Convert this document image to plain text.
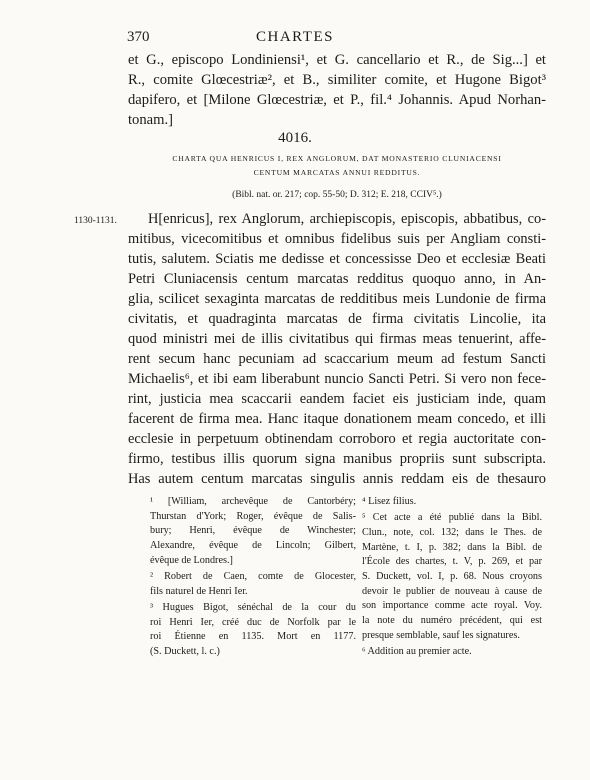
370	CHARTES
et G., episcopo Londiniensi¹, et G. cancellario et R., de Sig...] et
R., comite Glœcestriæ², et B., similiter comite, et Hugone Bigot³
dapifero, et [Milone Glœcestriæ, et P., fil.⁴ Johannis. Apud Norhan-
tonam.]
4016.
CHARTA QUA HENRICUS I, REX ANGLORUM, DAT MONASTERIO CLUNIACENSI
CENTUM MARCATAS ANNUI REDDITUS.
(Bibl. nat. or. 217; cop. 55-50; D. 312; E. 218, CCIV⁵.)
1130-1131.	H[enricus], rex Anglorum, archiepiscopis, episcopis, abbatibus, co-
mitibus, vicecomitibus et omnibus fidelibus suis per Angliam consti-
tutis, salutem. Sciatis me dedisse et concessisse Deo et ecclesiæ Beati
Petri Cluniacensis centum marcatas redditus quoquo anno, in An-
glia, scilicet sexaginta marcatas de redditibus meis Lundonie de firma
civitatis, et quadraginta marcatas de firma civitatis Lincolie, ita
quod ministri mei de illis civitatibus qui firmas meas tenuerint, affe-
rent secum hanc pecuniam ad scaccarium meum ad festum Sancti
Michaelis⁶, et ibi eam liberabunt nuncio Sancti Petri. Si vero non fece-
rint, justicia mea scaccarii eandem faciet eis justiciam inde, quam
facerent de firma mea. Hanc itaque donationem meam concedo, et illi
ecclesie in perpetuum obtinendam corroboro et regia auctoritate con-
firmo, testibus illis quorum signa manibus propriis sunt subscripta.
Has autem centum marcatas singulis annis reddam eis de thesauro
¹ [William, archevêque de Cantorbéry;
Thurstan d'York; Roger, évêque de Salis-
bury; Henri, évêque de Winchester;
Alexandre, évêque de Lincoln; Gilbert,
évêque de Londres.]
² Robert de Caen, comte de Glocester,
fils naturel de Henri Ier.
³ Hugues Bigot, sénéchal de la cour du
roi Henri Ier, créé duc de Norfolk par le
roi Étienne en 1135. Mort en 1177.
(S. Duckett, l. c.)
⁴ Lisez filius.
⁵ Cet acte a été publié dans la Bibl.
Clun., note, col. 132; dans le Thes. de
Martène, t. I, p. 382; dans la Bibl. de
l'École des chartes, t. V, p. 269, et par
S. Duckett, vol. I, p. 68. Nous croyons
devoir le publier de nouveau à cause de
son importance comme acte royal. Voy.
la note du numéro précédent, qui est
presque semblable, sauf les signatures.
⁶ Addition au premier acte.
